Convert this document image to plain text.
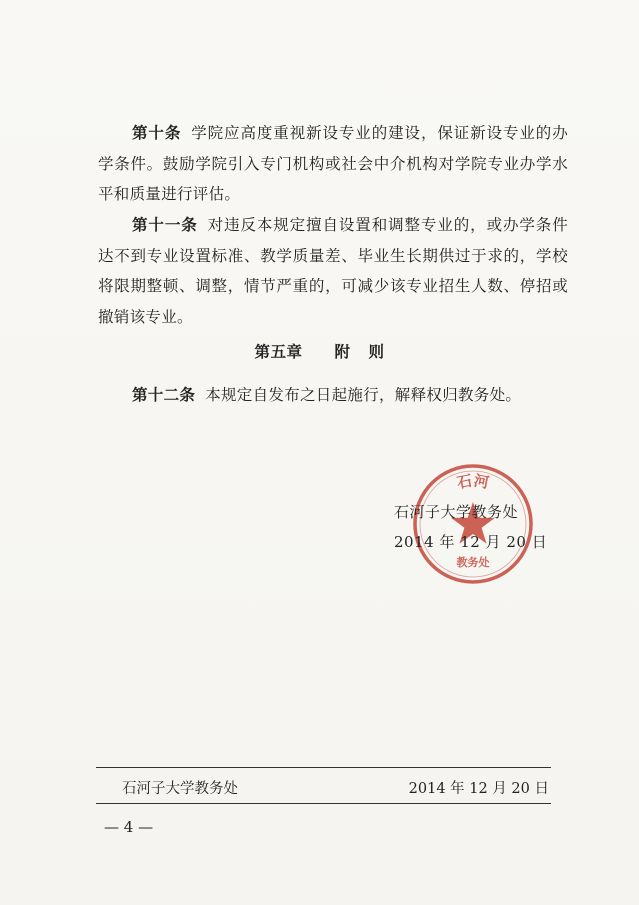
第十条 学院应高度重视新设专业的建设，保证新设专业的办学条件。鼓励学院引入专门机构或社会中介机构对学院专业办学水平和质量进行评估。

第十一条 对违反本规定擅自设置和调整专业的，或办学条件达不到专业设置标准、教学质量差、毕业生长期供过于求的，学校将限期整顿、调整，情节严重的，可减少该专业招生人数、停招或撤销该专业。

第五章 附 则

第十二条 本规定自发布之日起施行，解释权归教务处。

石河
教务处

石河子大学教务处

2014 年 12 月 20 日

石河子大学教务处	2014 年 12 月 20 日

— 4 —
